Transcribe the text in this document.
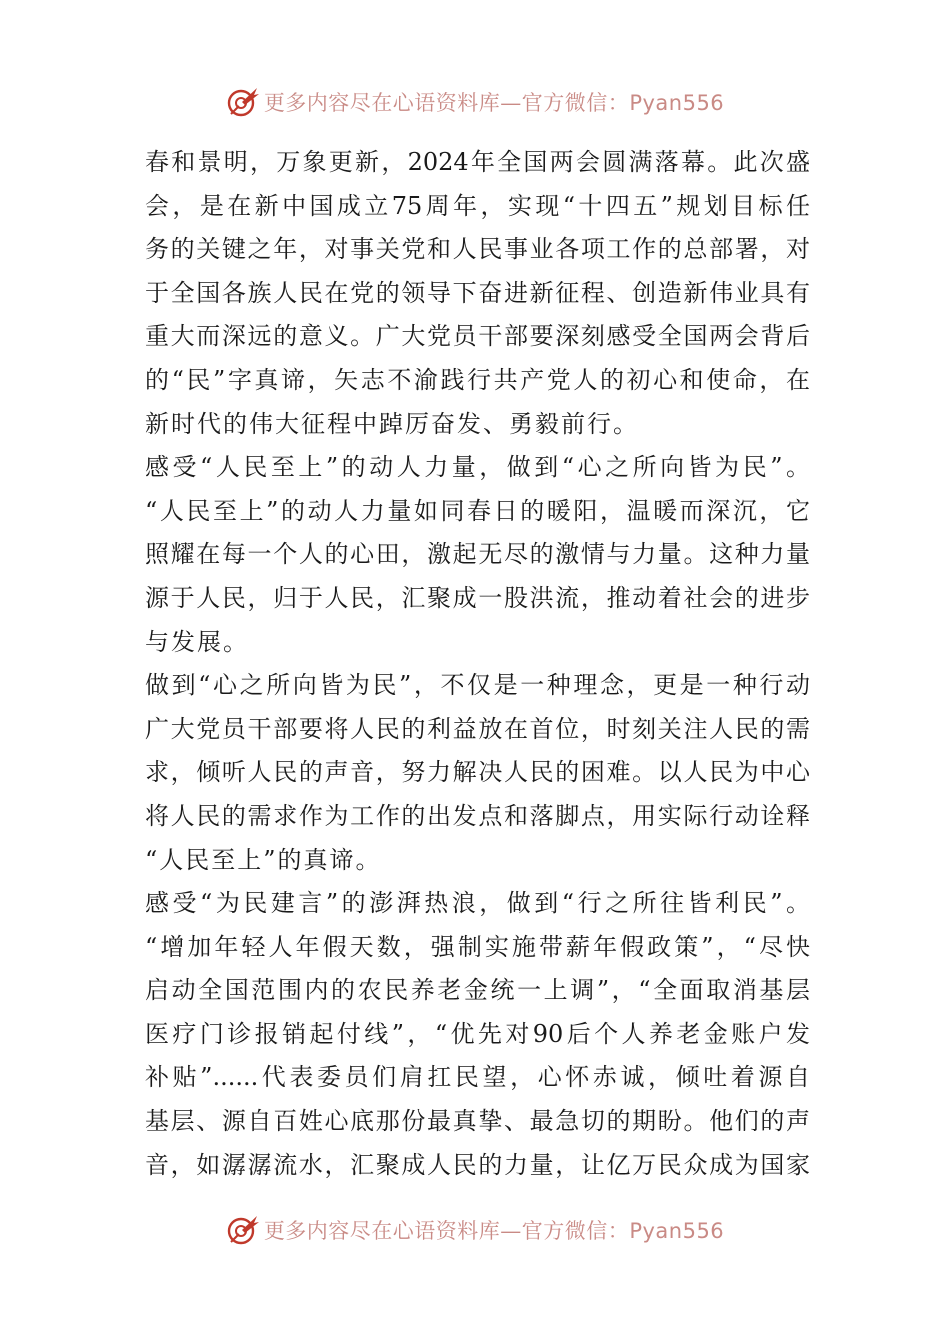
更多内容尽在心语资料库—官方微信：Pyan556
春和景明，万象更新，2024年全国两会圆满落幕。此次盛
会，是在新中国成立75周年，实现“十四五”规划目标任
务的关键之年，对事关党和人民事业各项工作的总部署，对
于全国各族人民在党的领导下奋进新征程、创造新伟业具有
重大而深远的意义。广大党员干部要深刻感受全国两会背后
的“民”字真谛，矢志不渝践行共产党人的初心和使命，在
新时代的伟大征程中踔厉奋发、勇毅前行。
感受“人民至上”的动人力量，做到“心之所向皆为民”。
“人民至上”的动人力量如同春日的暖阳，温暖而深沉，它
照耀在每一个人的心田，激起无尽的激情与力量。这种力量
源于人民，归于人民，汇聚成一股洪流，推动着社会的进步
与发展。
做到“心之所向皆为民”，不仅是一种理念，更是一种行动
广大党员干部要将人民的利益放在首位，时刻关注人民的需
求，倾听人民的声音，努力解决人民的困难。以人民为中心
将人民的需求作为工作的出发点和落脚点，用实际行动诠释
“人民至上”的真谛。
感受“为民建言”的澎湃热浪，做到“行之所往皆利民”。
“增加年轻人年假天数，强制实施带薪年假政策”，“尽快
启动全国范围内的农民养老金统一上调”，“全面取消基层
医疗门诊报销起付线”，“优先对90后个人养老金账户发
补贴”......代表委员们肩扛民望，心怀赤诚，倾吐着源自
基层、源自百姓心底那份最真挚、最急切的期盼。他们的声
音，如潺潺流水，汇聚成人民的力量，让亿万民众成为国家
更多内容尽在心语资料库—官方微信：Pyan556
